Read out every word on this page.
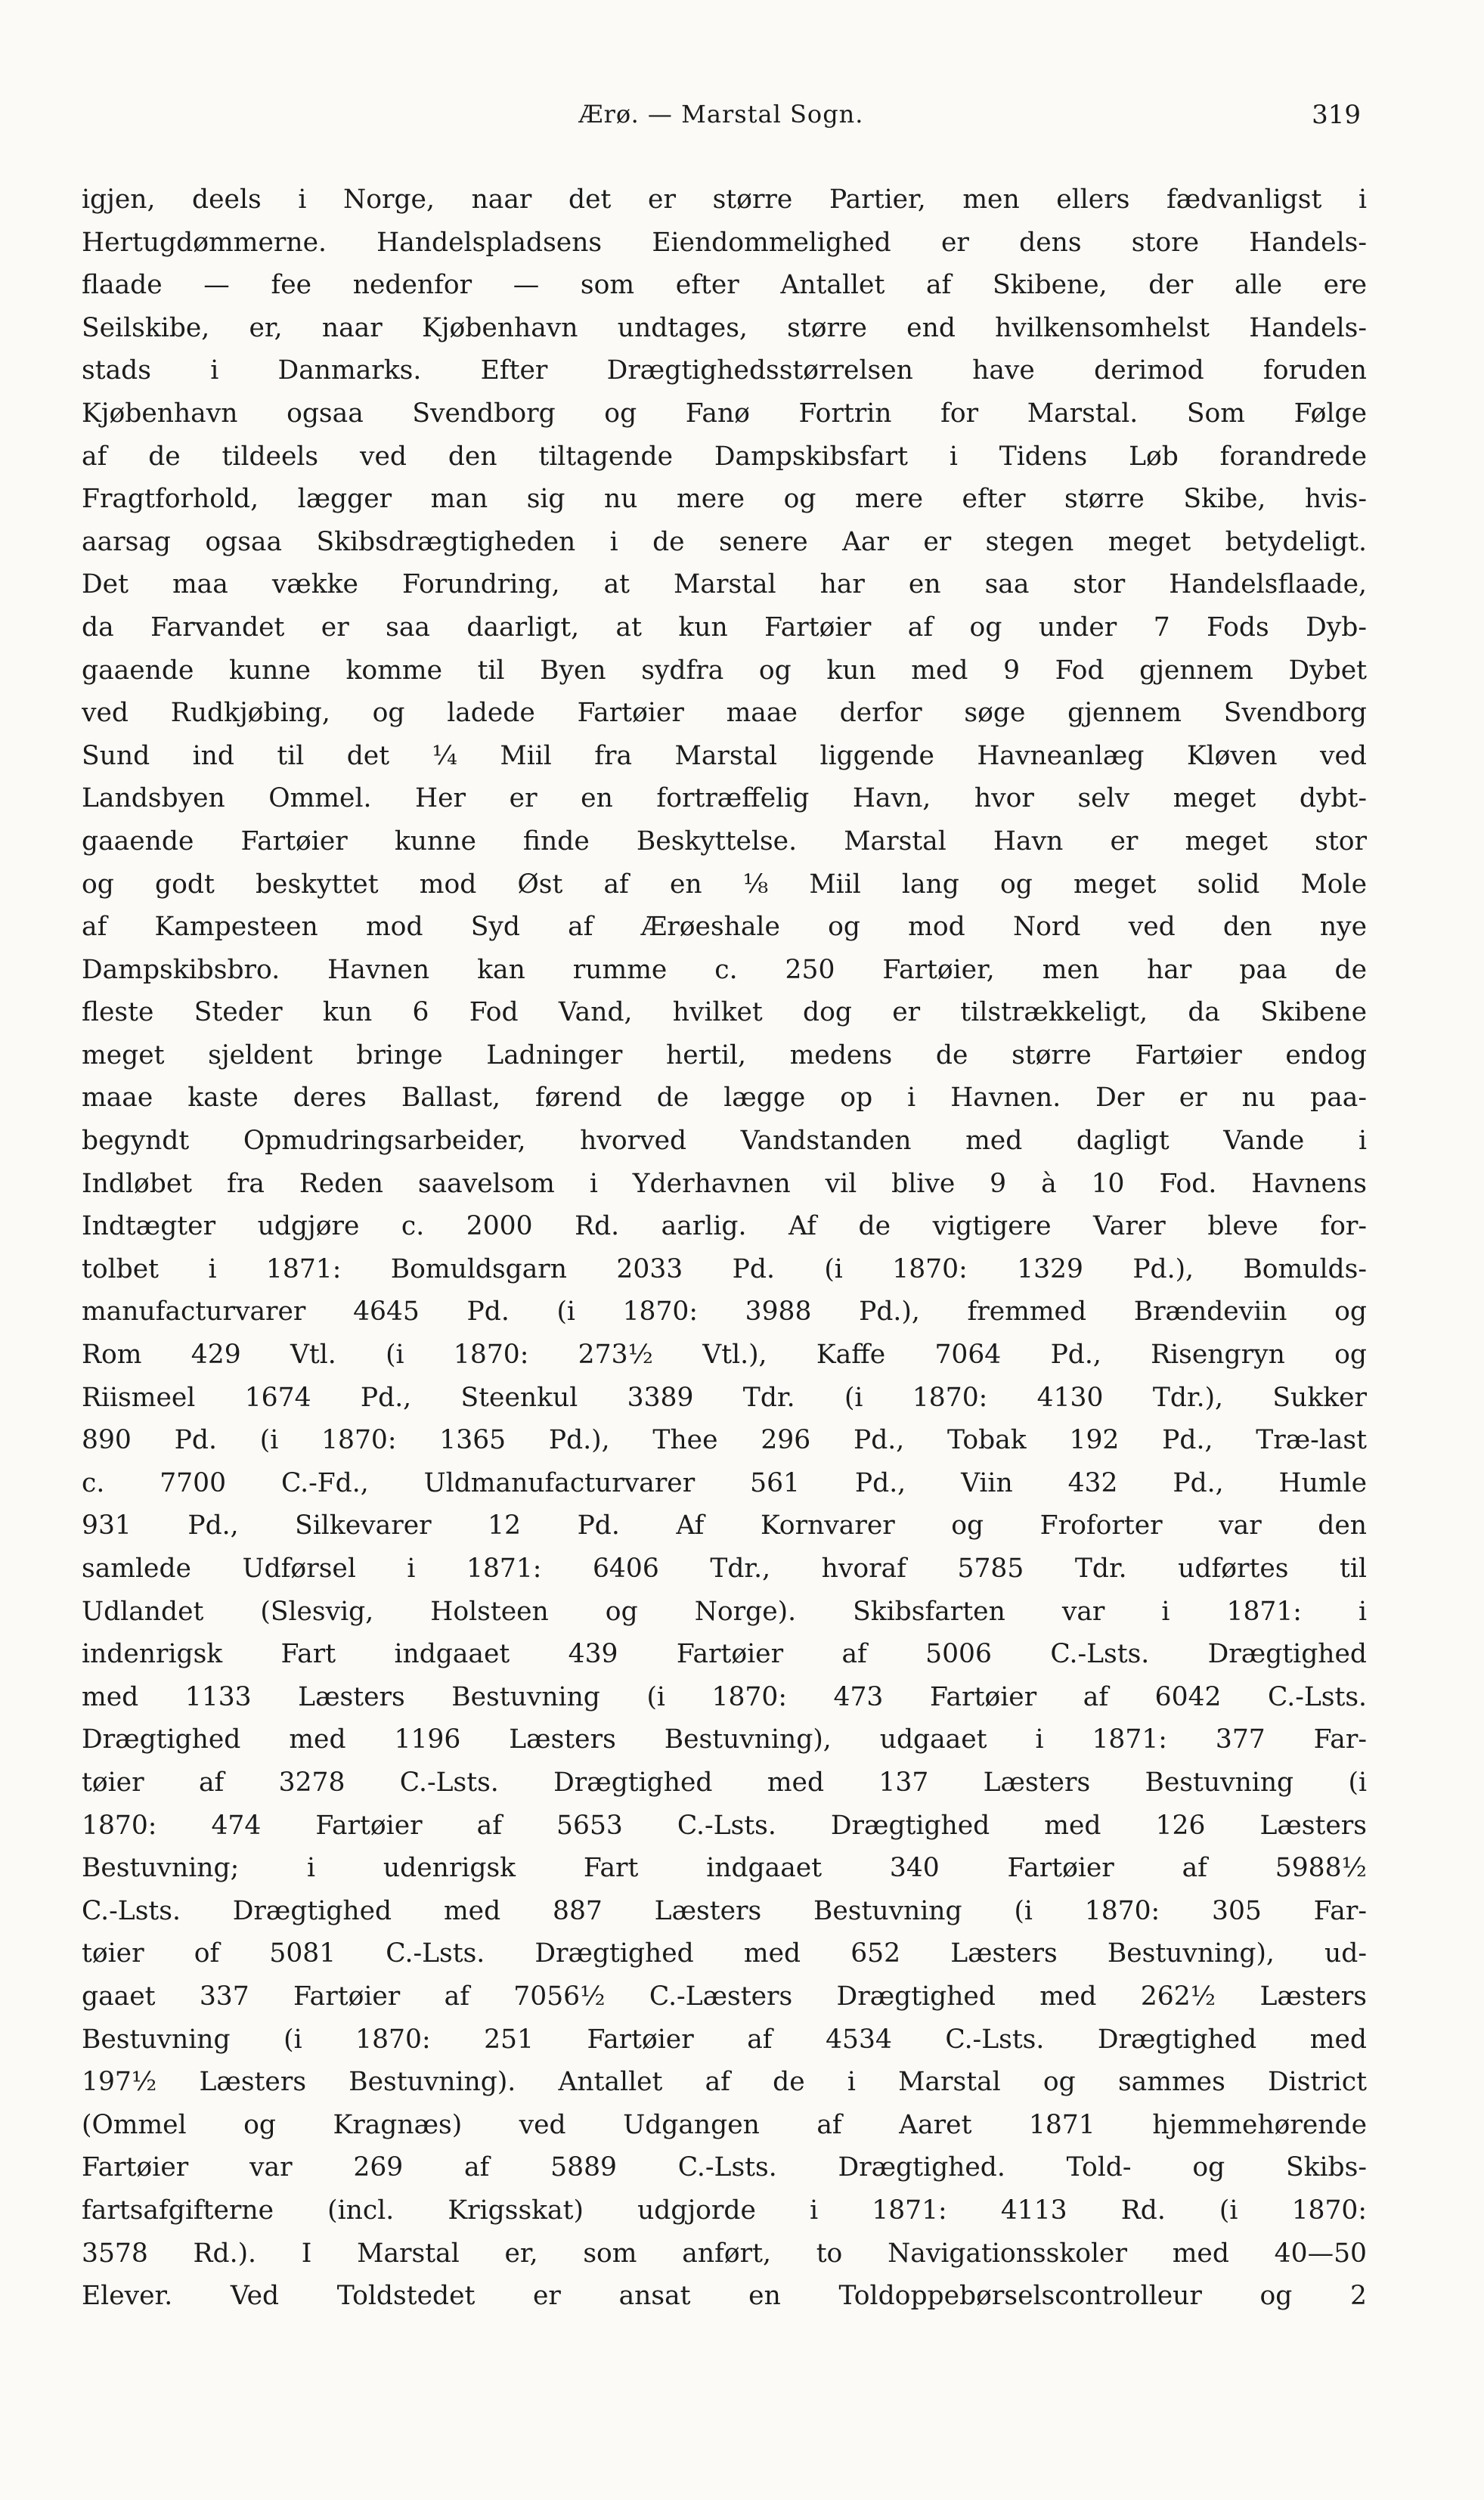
Ærø. — Marstal Sogn.	319
igjen, deels i Norge, naar det er større Partier, men ellers fædvanligst i
Hertugdømmerne. Handelspladsens Eiendommelighed er dens store Handels-
flaade — fee nedenfor — som efter Antallet af Skibene, der alle ere
Seilskibe, er, naar Kjøbenhavn undtages, større end hvilkensomhelst Handels-
stads i Danmarks. Efter Drægtighedsstørrelsen have derimod foruden
Kjøbenhavn ogsaa Svendborg og Fanø Fortrin for Marstal. Som Følge
af de tildeels ved den tiltagende Dampskibsfart i Tidens Løb forandrede
Fragtforhold, lægger man sig nu mere og mere efter større Skibe, hvis-
aarsag ogsaa Skibsdrægtigheden i de senere Aar er stegen meget betydeligt.
Det maa vække Forundring, at Marstal har en saa stor Handelsflaade,
da Farvandet er saa daarligt, at kun Fartøier af og under 7 Fods Dyb-
gaaende kunne komme til Byen sydfra og kun med 9 Fod gjennem Dybet
ved Rudkjøbing, og ladede Fartøier maae derfor søge gjennem Svendborg
Sund ind til det ¼ Miil fra Marstal liggende Havneanlæg Kløven ved
Landsbyen Ommel. Her er en fortræffelig Havn, hvor selv meget dybt-
gaaende Fartøier kunne finde Beskyttelse. Marstal Havn er meget stor
og godt beskyttet mod Øst af en ⅛ Miil lang og meget solid Mole
af Kampesteen mod Syd af Ærøeshale og mod Nord ved den nye
Dampskibsbro. Havnen kan rumme c. 250 Fartøier, men har paa de
fleste Steder kun 6 Fod Vand, hvilket dog er tilstrækkeligt, da Skibene
meget sjeldent bringe Ladninger hertil, medens de større Fartøier endog
maae kaste deres Ballast, førend de lægge op i Havnen. Der er nu paa-
begyndt Opmudringsarbeider, hvorved Vandstanden med dagligt Vande i
Indløbet fra Reden saavelsom i Yderhavnen vil blive 9 à 10 Fod. Havnens
Indtægter udgjøre c. 2000 Rd. aarlig. Af de vigtigere Varer bleve for-
tolbet i 1871: Bomuldsgarn 2033 Pd. (i 1870: 1329 Pd.), Bomulds-
manufacturvarer 4645 Pd. (i 1870: 3988 Pd.), fremmed Brændeviin og
Rom 429 Vtl. (i 1870: 273½ Vtl.), Kaffe 7064 Pd., Risengryn og
Riismeel 1674 Pd., Steenkul 3389 Tdr. (i 1870: 4130 Tdr.), Sukker
890 Pd. (i 1870: 1365 Pd.), Thee 296 Pd., Tobak 192 Pd., Træ-last
c. 7700 C.-Fd., Uldmanufacturvarer 561 Pd., Viin 432 Pd., Humle
931 Pd., Silkevarer 12 Pd. Af Kornvarer og Froforter var den
samlede Udførsel i 1871: 6406 Tdr., hvoraf 5785 Tdr. udførtes til
Udlandet (Slesvig, Holsteen og Norge). Skibsfarten var i 1871: i
indenrigsk Fart indgaaet 439 Fartøier af 5006 C.-Lsts. Drægtighed
med 1133 Læsters Bestuvning (i 1870: 473 Fartøier af 6042 C.-Lsts.
Drægtighed med 1196 Læsters Bestuvning), udgaaet i 1871: 377 Far-
tøier af 3278 C.-Lsts. Drægtighed med 137 Læsters Bestuvning (i
1870: 474 Fartøier af 5653 C.-Lsts. Drægtighed med 126 Læsters
Bestuvning; i udenrigsk Fart indgaaet 340 Fartøier af 5988½
C.-Lsts. Drægtighed med 887 Læsters Bestuvning (i 1870: 305 Far-
tøier of 5081 C.-Lsts. Drægtighed med 652 Læsters Bestuvning), ud-
gaaet 337 Fartøier af 7056½ C.-Læsters Drægtighed med 262½ Læsters
Bestuvning (i 1870: 251 Fartøier af 4534 C.-Lsts. Drægtighed med
197½ Læsters Bestuvning). Antallet af de i Marstal og sammes District
(Ommel og Kragnæs) ved Udgangen af Aaret 1871 hjemmehørende
Fartøier var 269 af 5889 C.-Lsts. Drægtighed. Told- og Skibs-
fartsafgifterne (incl. Krigsskat) udgjorde i 1871: 4113 Rd. (i 1870:
3578 Rd.). I Marstal er, som anført, to Navigationsskoler med 40—50
Elever. Ved Toldstedet er ansat en Toldoppebørselscontrolleur og 2
